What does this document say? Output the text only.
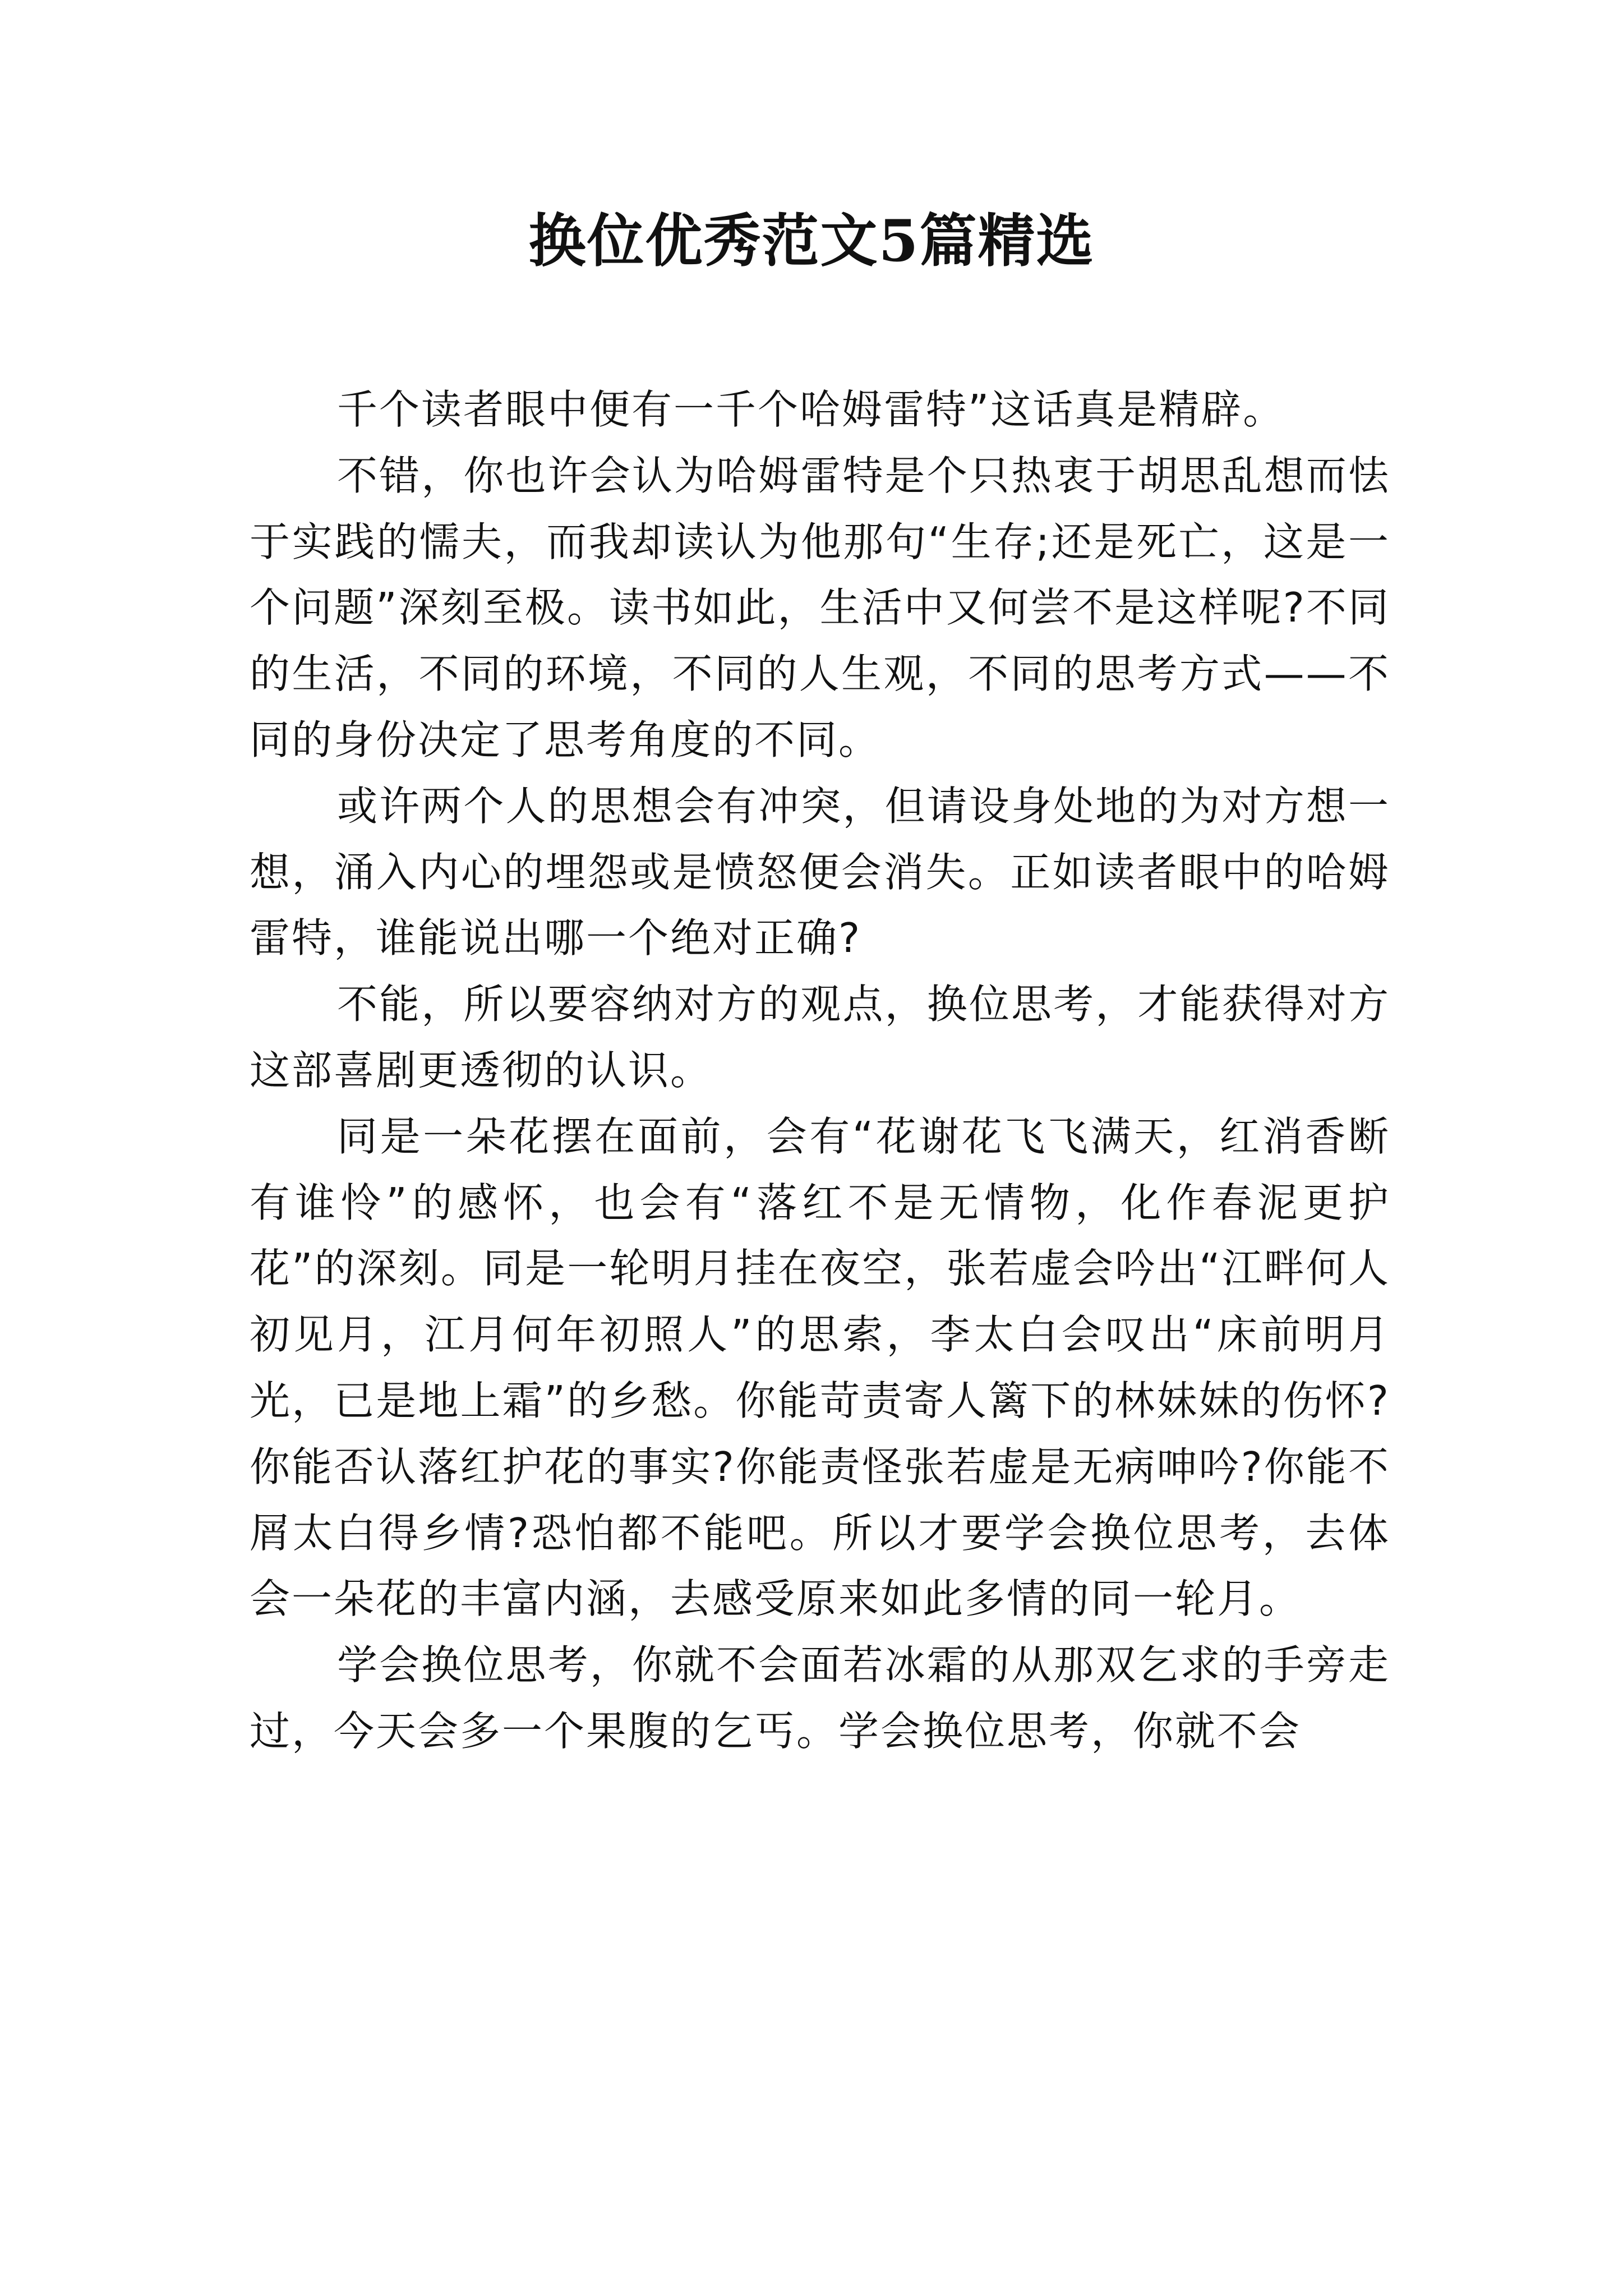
换位优秀范文5篇精选

千个读者眼中便有一千个哈姆雷特”这话真是精辟。

不错，你也许会认为哈姆雷特是个只热衷于胡思乱想而怯于实践的懦夫，而我却读认为他那句“生存;还是死亡，这是一个问题”深刻至极。读书如此，生活中又何尝不是这样呢?不同的生活，不同的环境，不同的人生观，不同的思考方式——不同的身份决定了思考角度的不同。

或许两个人的思想会有冲突，但请设身处地的为对方想一想，涌入内心的埋怨或是愤怒便会消失。正如读者眼中的哈姆雷特，谁能说出哪一个绝对正确?

不能，所以要容纳对方的观点，换位思考，才能获得对方这部喜剧更透彻的认识。

同是一朵花摆在面前，会有“花谢花飞飞满天，红消香断有谁怜”的感怀，也会有“落红不是无情物，化作春泥更护花”的深刻。同是一轮明月挂在夜空，张若虚会吟出“江畔何人初见月，江月何年初照人”的思索，李太白会叹出“床前明月光，已是地上霜”的乡愁。你能苛责寄人篱下的林妹妹的伤怀?你能否认落红护花的事实?你能责怪张若虚是无病呻吟?你能不屑太白得乡情?恐怕都不能吧。所以才要学会换位思考，去体会一朵花的丰富内涵，去感受原来如此多情的同一轮月。

学会换位思考，你就不会面若冰霜的从那双乞求的手旁走过，今天会多一个果腹的乞丐。学会换位思考，你就不会
